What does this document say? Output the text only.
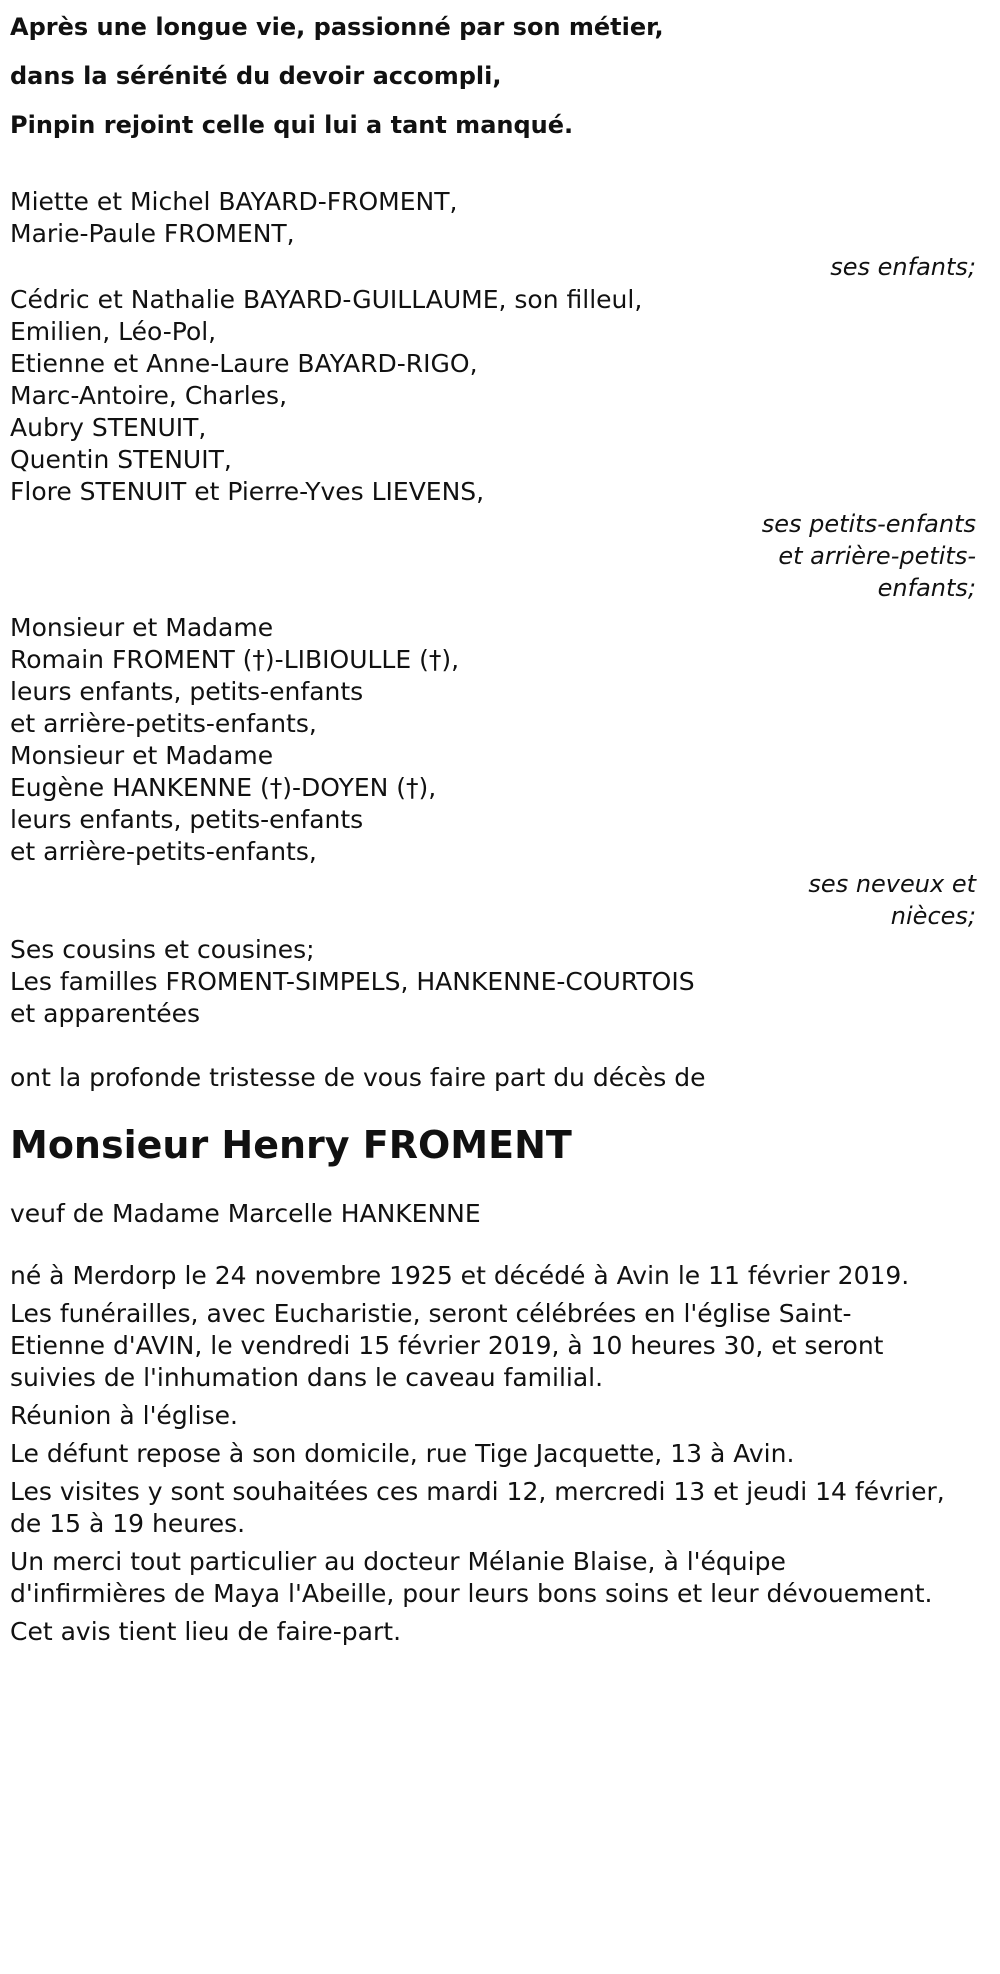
Après une longue vie, passionné par son métier,
dans la sérénité du devoir accompli,
Pinpin rejoint celle qui lui a tant manqué.
Miette et Michel BAYARD-FROMENT,
Marie-Paule FROMENT,
ses enfants;
Cédric et Nathalie BAYARD-GUILLAUME, son filleul,
Emilien, Léo-Pol,
Etienne et Anne-Laure BAYARD-RIGO,
Marc-Antoire, Charles,
Aubry STENUIT,
Quentin STENUIT,
Flore STENUIT et Pierre-Yves LIEVENS,
ses petits-enfants
et arrière-petits-
enfants;
Monsieur et Madame
Romain FROMENT (†)-LIBIOULLE (†),
leurs enfants, petits-enfants
et arrière-petits-enfants,
Monsieur et Madame
Eugène HANKENNE (†)-DOYEN (†),
leurs enfants, petits-enfants
et arrière-petits-enfants,
ses neveux et
nièces;
Ses cousins et cousines;
Les familles FROMENT-SIMPELS, HANKENNE-COURTOIS
et apparentées
ont la profonde tristesse de vous faire part du décès de
Monsieur Henry FROMENT
veuf de Madame Marcelle HANKENNE
né à Merdorp le 24 novembre 1925 et décédé à Avin le 11 février 2019.
Les funérailles, avec Eucharistie, seront célébrées en l'église Saint-
Etienne d'AVIN, le vendredi 15 février 2019, à 10 heures 30, et seront
suivies de l'inhumation dans le caveau familial.
Réunion à l'église.
Le défunt repose à son domicile, rue Tige Jacquette, 13 à Avin.
Les visites y sont souhaitées ces mardi 12, mercredi 13 et jeudi 14 février,
de 15 à 19 heures.
Un merci tout particulier au docteur Mélanie Blaise, à l'équipe
d'infirmières de Maya l'Abeille, pour leurs bons soins et leur dévouement.
Cet avis tient lieu de faire-part.
